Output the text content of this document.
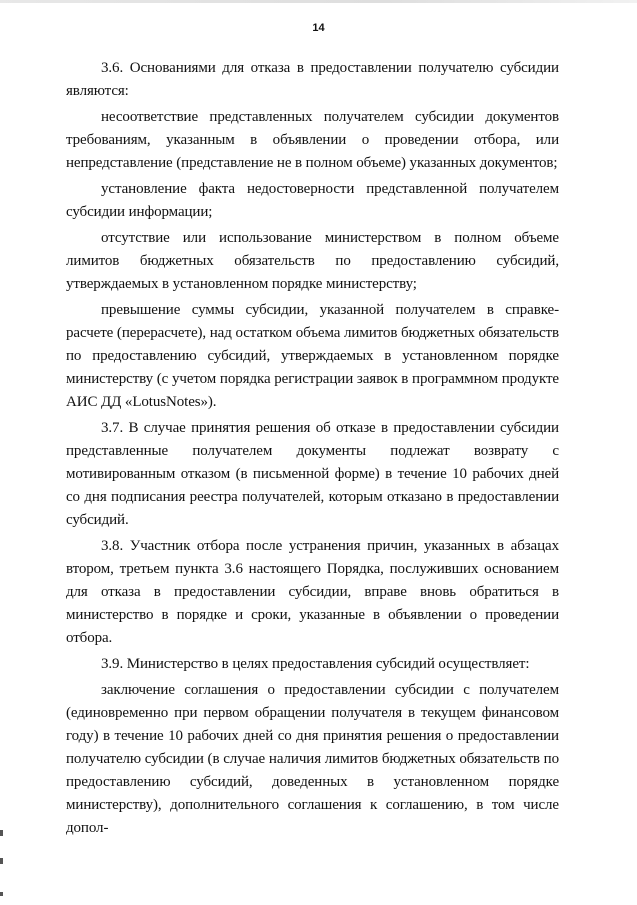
14

3.6. Основаниями для отказа в предоставлении получателю субсидии являются:

несоответствие представленных получателем субсидии документов требованиям, указанным в объявлении о проведении отбора, или непредставление (представление не в полном объеме) указанных документов;

установление факта недостоверности представленной получателем субсидии информации;

отсутствие или использование министерством в полном объеме лимитов бюджетных обязательств по предоставлению субсидий, утверждаемых в установленном порядке министерству;

превышение суммы субсидии, указанной получателем в справке-расчете (перерасчете), над остатком объема лимитов бюджетных обязательств по предоставлению субсидий, утверждаемых в установленном порядке министерству (с учетом порядка регистрации заявок в программном продукте АИС ДД «LotusNotes»).

3.7. В случае принятия решения об отказе в предоставлении субсидии представленные получателем документы подлежат возврату с мотивированным отказом (в письменной форме) в течение 10 рабочих дней со дня подписания реестра получателей, которым отказано в предоставлении субсидий.

3.8. Участник отбора после устранения причин, указанных в абзацах втором, третьем пункта 3.6 настоящего Порядка, послуживших основанием для отказа в предоставлении субсидии, вправе вновь обратиться в министерство в порядке и сроки, указанные в объявлении о проведении отбора.

3.9. Министерство в целях предоставления субсидий осуществляет:

заключение соглашения о предоставлении субсидии с получателем (единовременно при первом обращении получателя в текущем финансовом году) в течение 10 рабочих дней со дня принятия решения о предоставлении получателю субсидии (в случае наличия лимитов бюджетных обязательств по предоставлению субсидий, доведенных в установленном порядке министерству), дополнительного соглашения к соглашению, в том числе допол-
